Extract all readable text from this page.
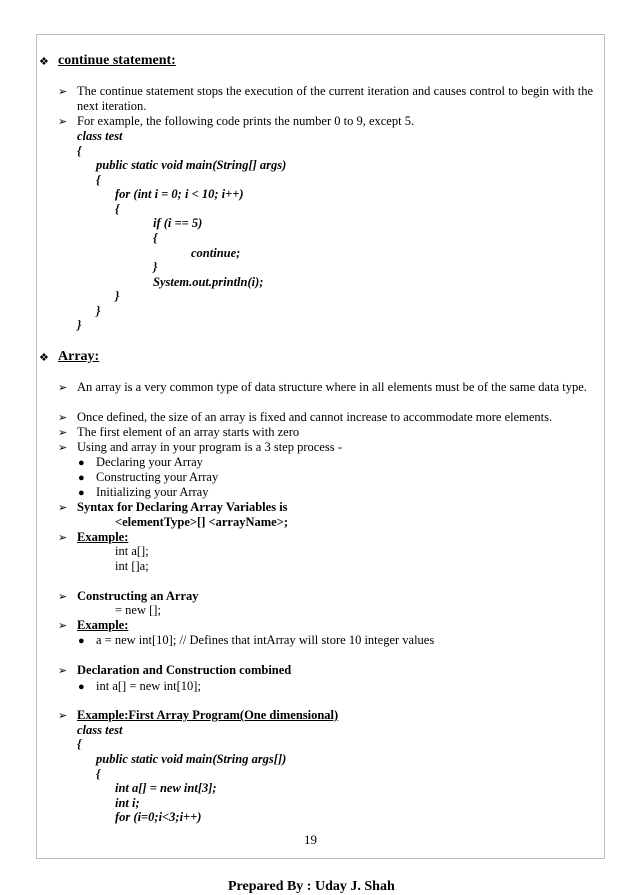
❖ continue statement:
➢ The continue statement stops the execution of the current iteration and causes control to begin with the next iteration.
➢ For example, the following code prints the number 0 to 9, except 5.
class test
{
public static void main(String[] args)
{
for (int i = 0; i < 10; i++)
{
if (i == 5)
{
continue;
}
System.out.println(i);
}
}
}
❖ Array:
➢ An array is a very common type of data structure where in all elements must be of the same data type.
➢ Once defined, the size of an array is fixed and cannot increase to accommodate more elements.
➢ The first element of an array starts with zero
➢ Using and array in your program is a 3 step process -
● Declaring your Array
● Constructing your Array
● Initializing your Array
➢ Syntax for Declaring Array Variables is
<elementType>[] <arrayName>;
➢ Example:
int a[];
int []a;
➢ Constructing an Array
= new [];
➢ Example:
● a = new int[10]; // Defines that intArray will store 10 integer values
➢ Declaration and Construction combined
● int a[] = new int[10];
➢ Example:First Array Program(One dimensional)
class test
{
public static void main(String args[])
{
int a[] = new int[3];
int i;
for (i=0;i<3;i++)
19
Prepared By : Uday J. Shah
